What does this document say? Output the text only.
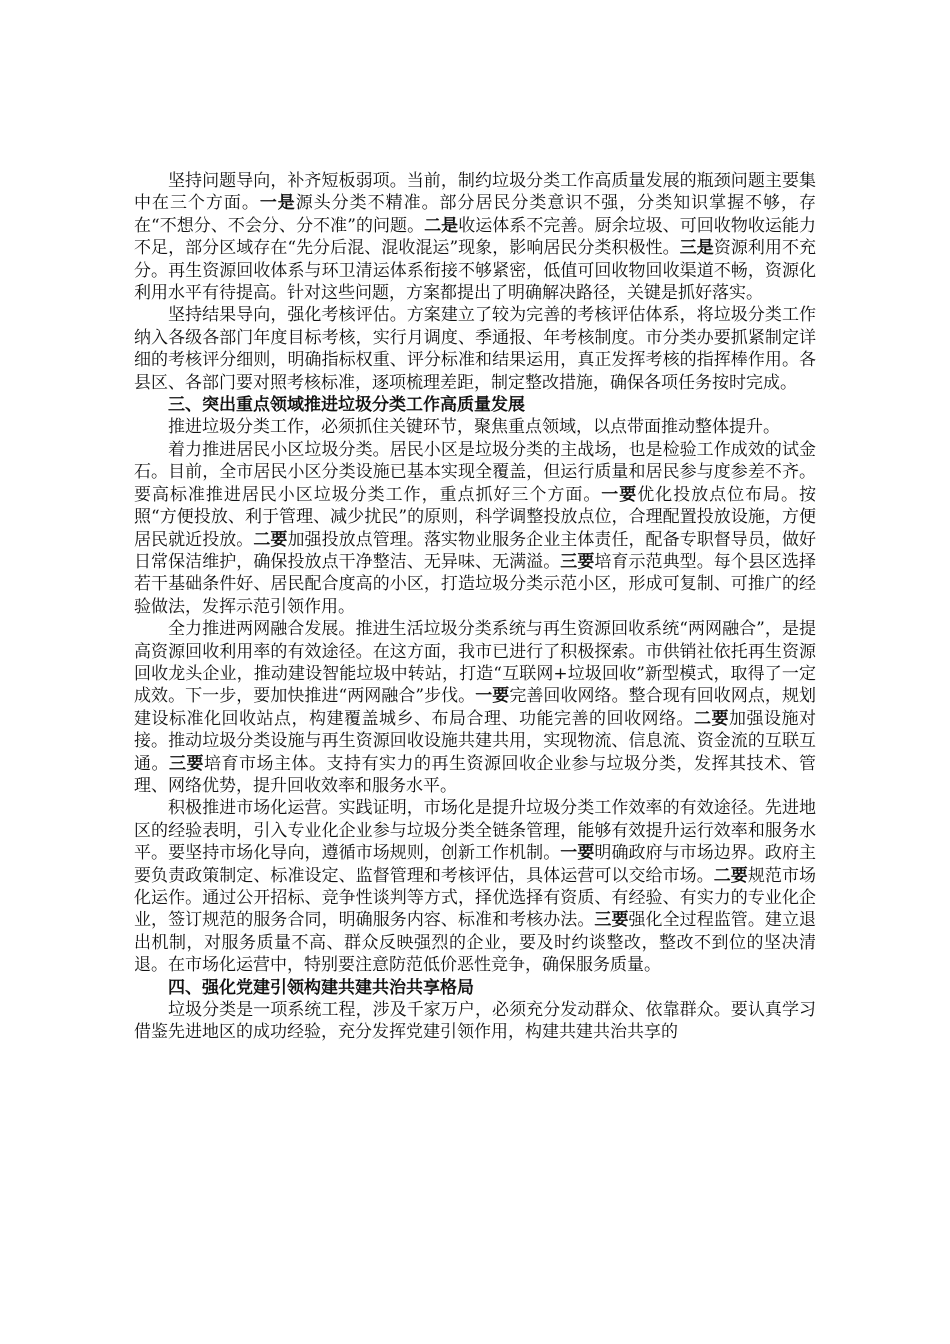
坚持问题导向，补齐短板弱项。当前，制约垃圾分类工作高质量发展的瓶颈问题主要集中在三个方面。一是源头分类不精准。部分居民分类意识不强，分类知识掌握不够，存在“不想分、不会分、分不准”的问题。二是收运体系不完善。厨余垃圾、可回收物收运能力不足，部分区域存在“先分后混、混收混运”现象，影响居民分类积极性。三是资源利用不充分。再生资源回收体系与环卫清运体系衔接不够紧密，低值可回收物回收渠道不畅，资源化利用水平有待提高。针对这些问题，方案都提出了明确解决路径，关键是抓好落实。

坚持结果导向，强化考核评估。方案建立了较为完善的考核评估体系，将垃圾分类工作纳入各级各部门年度目标考核，实行月调度、季通报、年考核制度。市分类办要抓紧制定详细的考核评分细则，明确指标权重、评分标准和结果运用，真正发挥考核的指挥棒作用。各县区、各部门要对照考核标准，逐项梳理差距，制定整改措施，确保各项任务按时完成。

三、突出重点领域推进垃圾分类工作高质量发展

推进垃圾分类工作，必须抓住关键环节，聚焦重点领域，以点带面推动整体提升。

着力推进居民小区垃圾分类。居民小区是垃圾分类的主战场，也是检验工作成效的试金石。目前，全市居民小区分类设施已基本实现全覆盖，但运行质量和居民参与度参差不齐。要高标准推进居民小区垃圾分类工作，重点抓好三个方面。一要优化投放点位布局。按照“方便投放、利于管理、减少扰民”的原则，科学调整投放点位，合理配置投放设施，方便居民就近投放。二要加强投放点管理。落实物业服务企业主体责任，配备专职督导员，做好日常保洁维护，确保投放点干净整洁、无异味、无满溢。三要培育示范典型。每个县区选择若干基础条件好、居民配合度高的小区，打造垃圾分类示范小区，形成可复制、可推广的经验做法，发挥示范引领作用。

全力推进两网融合发展。推进生活垃圾分类系统与再生资源回收系统“两网融合”，是提高资源回收利用率的有效途径。在这方面，我市已进行了积极探索。市供销社依托再生资源回收龙头企业，推动建设智能垃圾中转站，打造“互联网+垃圾回收”新型模式，取得了一定成效。下一步，要加快推进“两网融合”步伐。一要完善回收网络。整合现有回收网点，规划建设标准化回收站点，构建覆盖城乡、布局合理、功能完善的回收网络。二要加强设施对接。推动垃圾分类设施与再生资源回收设施共建共用，实现物流、信息流、资金流的互联互通。三要培育市场主体。支持有实力的再生资源回收企业参与垃圾分类，发挥其技术、管理、网络优势，提升回收效率和服务水平。

积极推进市场化运营。实践证明，市场化是提升垃圾分类工作效率的有效途径。先进地区的经验表明，引入专业化企业参与垃圾分类全链条管理，能够有效提升运行效率和服务水平。要坚持市场化导向，遵循市场规则，创新工作机制。一要明确政府与市场边界。政府主要负责政策制定、标准设定、监督管理和考核评估，具体运营可以交给市场。二要规范市场化运作。通过公开招标、竞争性谈判等方式，择优选择有资质、有经验、有实力的专业化企业，签订规范的服务合同，明确服务内容、标准和考核办法。三要强化全过程监管。建立退出机制，对服务质量不高、群众反映强烈的企业，要及时约谈整改，整改不到位的坚决清退。在市场化运营中，特别要注意防范低价恶性竞争，确保服务质量。

四、强化党建引领构建共建共治共享格局

垃圾分类是一项系统工程，涉及千家万户，必须充分发动群众、依靠群众。要认真学习借鉴先进地区的成功经验，充分发挥党建引领作用，构建共建共治共享的
